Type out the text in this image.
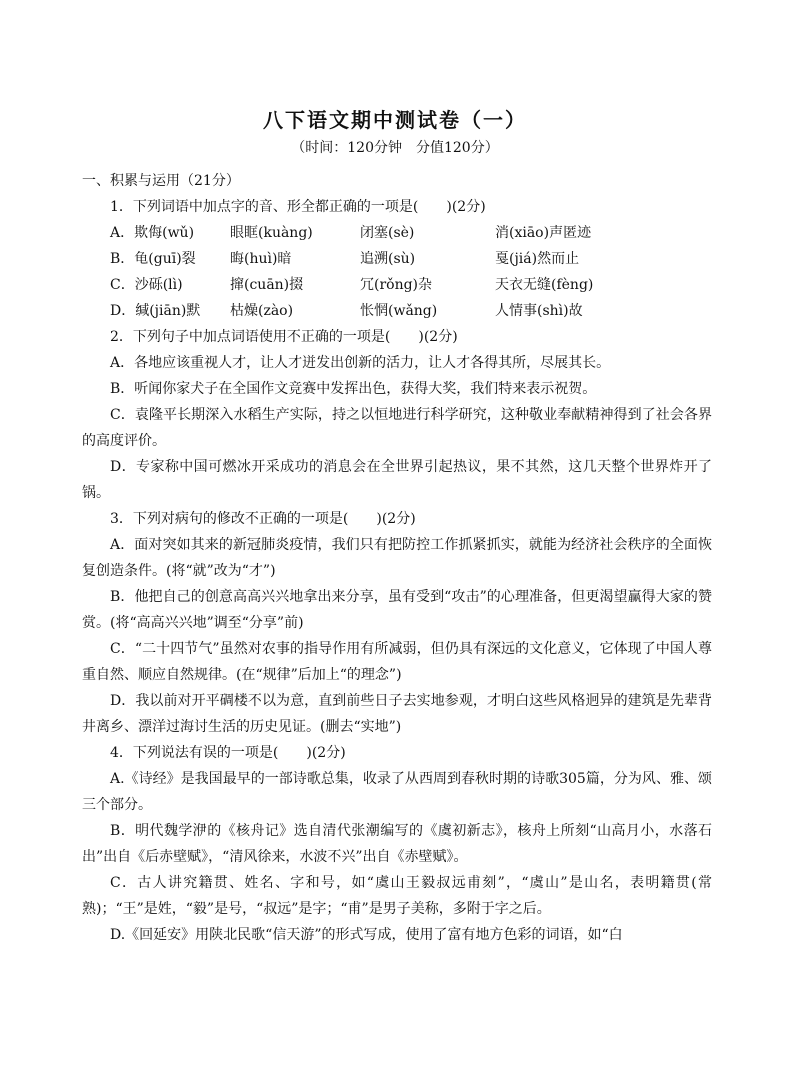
八下语文期中测试卷（一）
（时间：120分钟　分值120分）
一、积累与运用（21分）
1．下列词语中加点字的音、形全都正确的一项是(　　)(2分)
A．欺侮(wǔ)	眼眶(kuàng)	闭塞(sè)	消(xiāo)声匿迹
B．龟(guī)裂	晦(huì)暗	追溯(sù)	戛(jiá)然而止
C．沙砾(lì)	撺(cuān)掇	冗(rǒng)杂	天衣无缝(fèng)
D．缄(jiān)默	枯燥(zào)	怅惘(wǎng)	人情事(shì)故
2．下列句子中加点词语使用不正确的一项是(　　)(2分)
A．各地应该重视人才，让人才迸发出创新的活力，让人才各得其所，尽展其长。
B．听闻你家犬子在全国作文竞赛中发挥出色，获得大奖，我们特来表示祝贺。
C．袁隆平长期深入水稻生产实际，持之以恒地进行科学研究，这种敬业奉献精神得到了社会各界的高度评价。
D．专家称中国可燃冰开采成功的消息会在全世界引起热议，果不其然，这几天整个世界炸开了锅。
3．下列对病句的修改不正确的一项是(　　)(2分)
A．面对突如其来的新冠肺炎疫情，我们只有把防控工作抓紧抓实，就能为经济社会秩序的全面恢复创造条件。(将“就”改为“才”)
B．他把自己的创意高高兴兴地拿出来分享，虽有受到“攻击”的心理准备，但更渴望赢得大家的赞赏。(将“高高兴兴地”调至“分享”前)
C．“二十四节气”虽然对农事的指导作用有所减弱，但仍具有深远的文化意义，它体现了中国人尊重自然、顺应自然规律。(在“规律”后加上“的理念”)
D．我以前对开平碉楼不以为意，直到前些日子去实地参观，才明白这些风格迥异的建筑是先辈背井离乡、漂洋过海讨生活的历史见证。(删去“实地”)
4．下列说法有误的一项是(　　)(2分)
A.《诗经》是我国最早的一部诗歌总集，收录了从西周到春秋时期的诗歌305篇，分为风、雅、颂三个部分。
B．明代魏学洢的《核舟记》选自清代张潮编写的《虞初新志》，核舟上所刻“山高月小，水落石出”出自《后赤壁赋》，“清风徐来，水波不兴”出自《赤壁赋》。
C．古人讲究籍贯、姓名、字和号，如“虞山王毅叔远甫刻”，“虞山”是山名，表明籍贯(常熟)；“王”是姓，“毅”是号，“叔远”是字；“甫”是男子美称，多附于字之后。
D.《回延安》用陕北民歌“信天游”的形式写成，使用了富有地方色彩的词语，如“白
